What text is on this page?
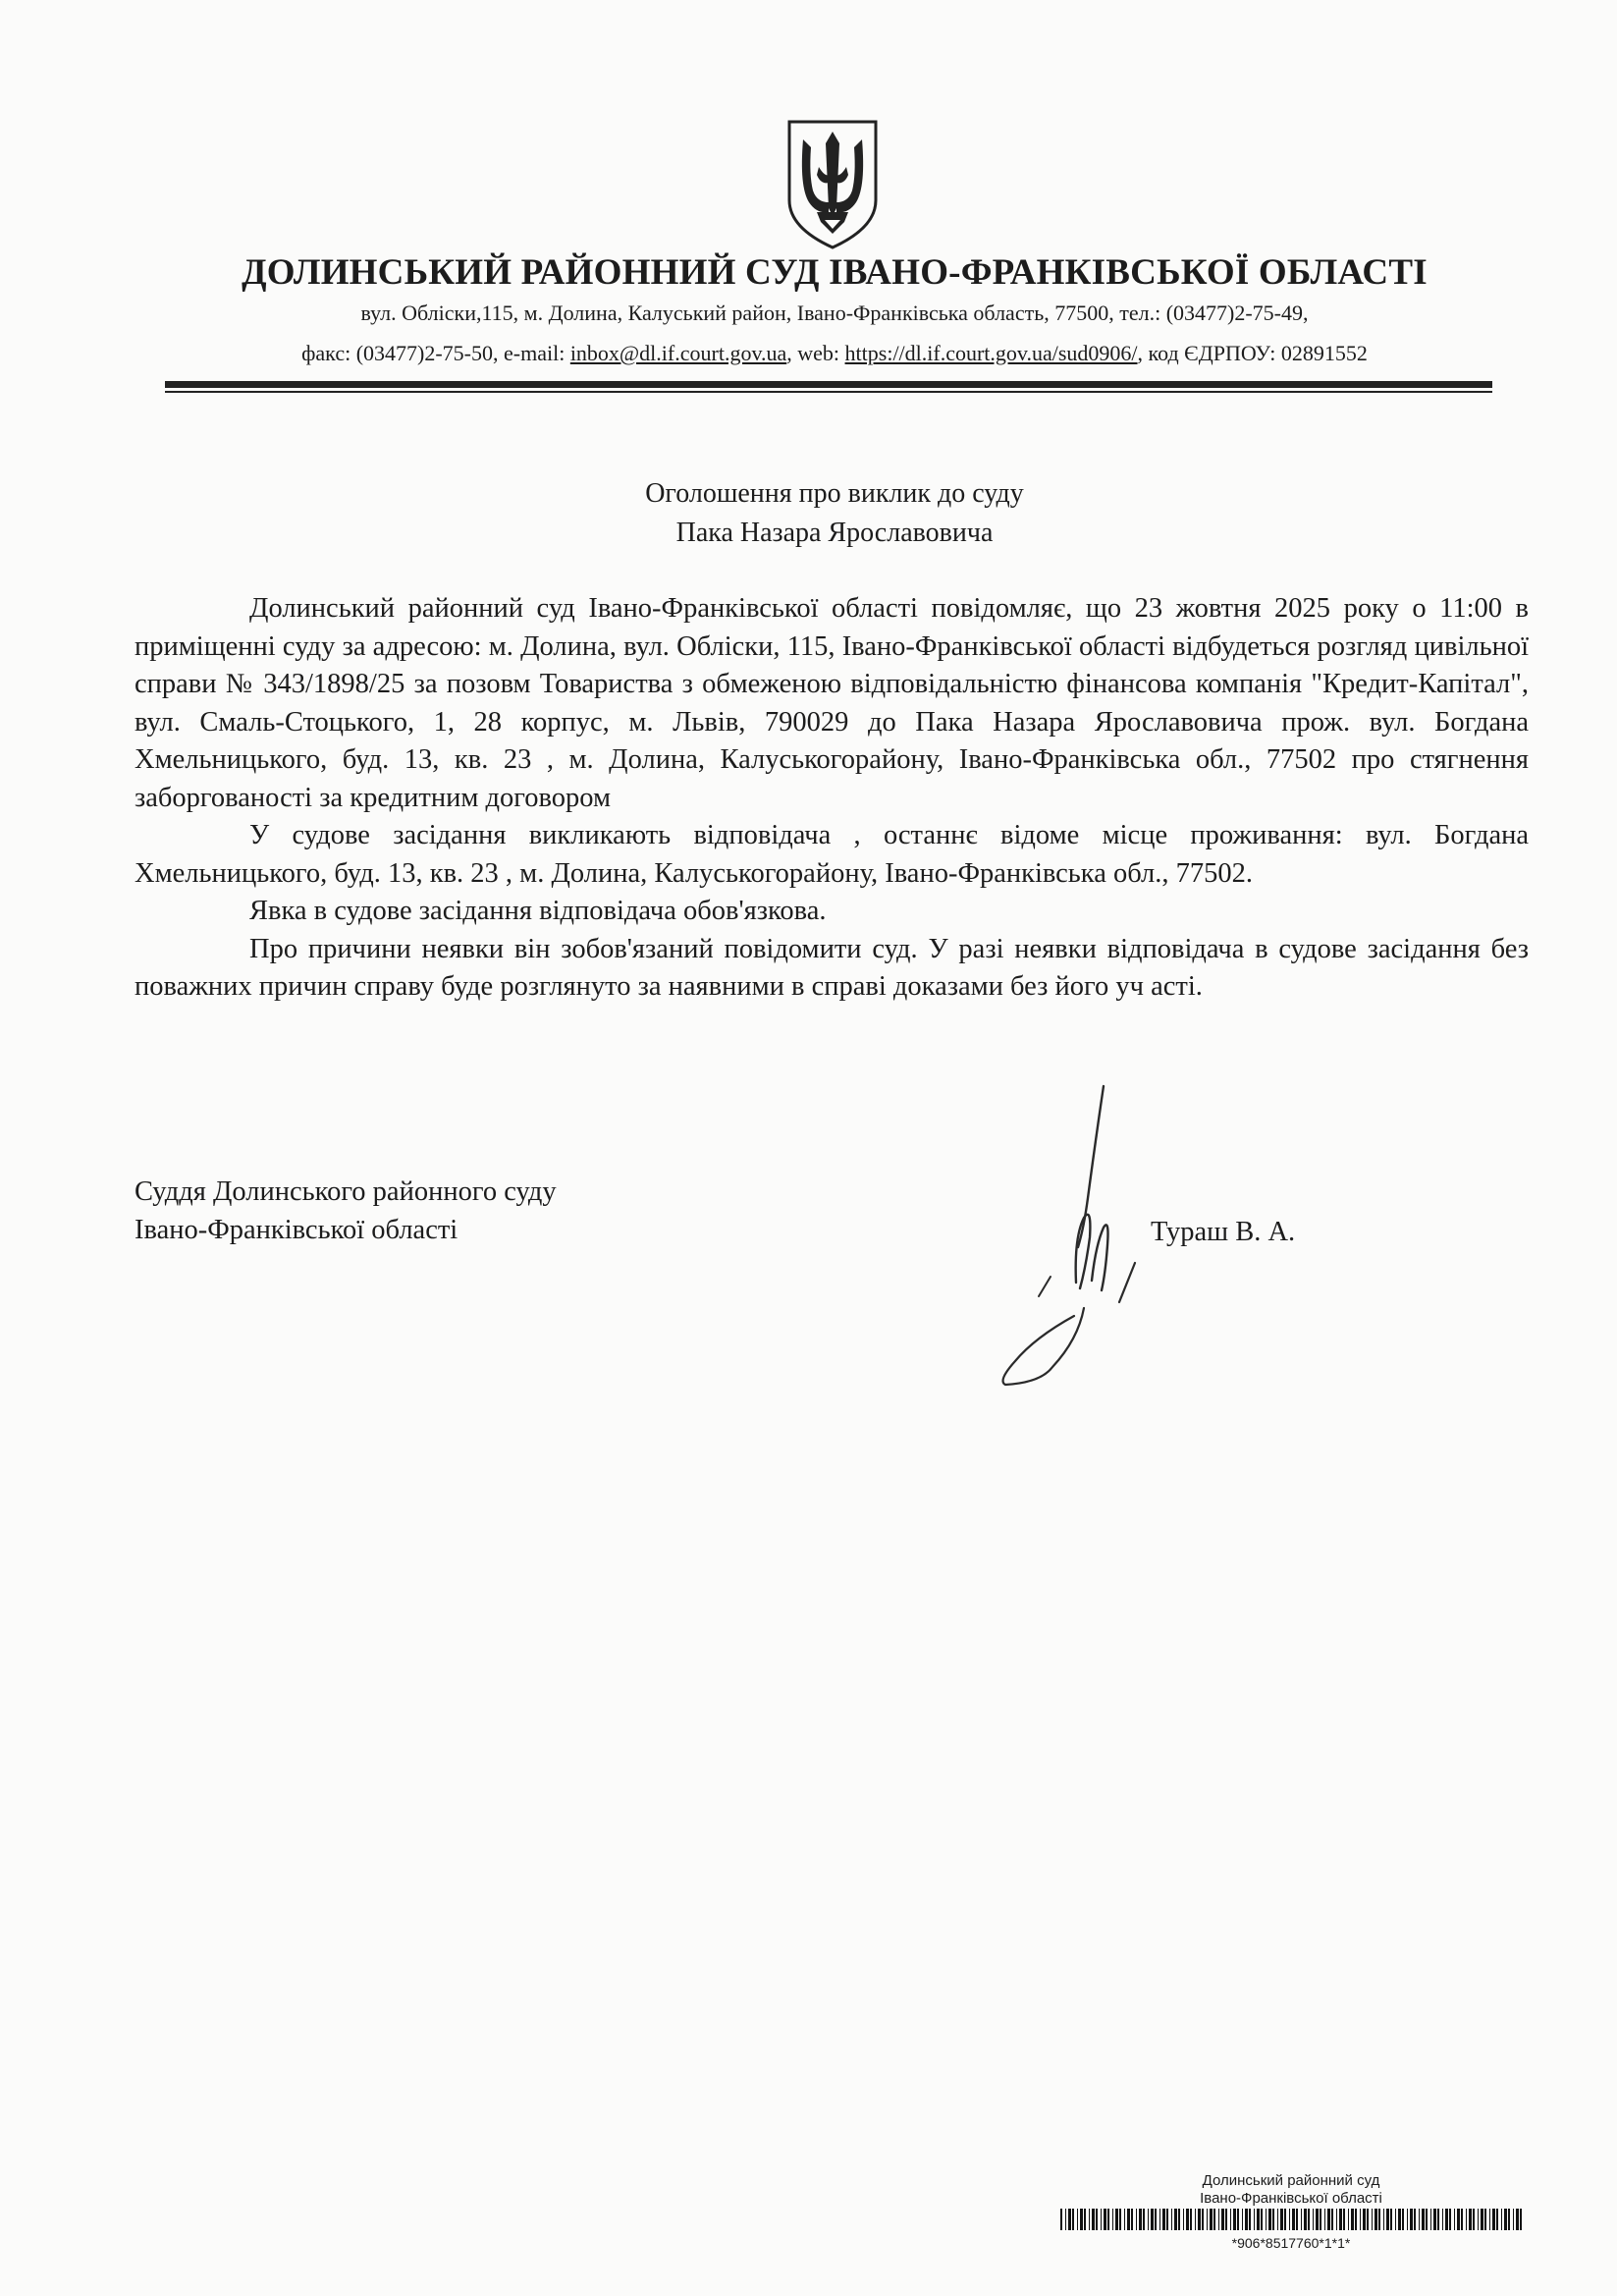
ДОЛИНСЬКИЙ РАЙОННИЙ СУД ІВАНО-ФРАНКІВСЬКОЇ ОБЛАСТІ
вул. Обліски,115, м. Долина, Калуський район, Івано-Франківська область, 77500, тел.: (03477)2-75-49,
факс: (03477)2-75-50, e-mail: inbox@dl.if.court.gov.ua, web: https://dl.if.court.gov.ua/sud0906/, код ЄДРПОУ: 02891552
Оголошення про виклик до суду
Пака Назара Ярославовича

Долинський районний суд Івано-Франківської області повідомляє, що 23 жовтня 2025 року о 11:00 в приміщенні суду за адресою: м. Долина, вул. Обліски, 115, Івано-Франківської області відбудеться розгляд цивільної справи № 343/1898/25 за позовм Товариства з обмеженою відповідальністю фінансова компанія "Кредит-Капітал", вул. Смаль-Стоцького, 1, 28 корпус, м. Львів, 790029 до Пака Назара Ярославовича прож. вул. Богдана Хмельницького, буд. 13, кв. 23 , м. Долина, Калуськогорайону, Івано-Франківська обл., 77502 про стягнення заборгованості за кредитним договором

У судове засідання викликають відповідача , останнє відоме місце проживання: вул. Богдана Хмельницького, буд. 13, кв. 23 , м. Долина, Калуськогорайону, Івано-Франківська обл., 77502.

Явка в судове засідання відповідача обов'язкова.

Про причини неявки він зобов'язаний повідомити суд. У разі неявки відповідача в судове засідання без поважних причин справу буде розглянуто за наявними в справі доказами без його уч асті.

Суддя Долинського районного суду
Івано-Франківської області	Тураш В. А.
Долинський районний суд
Івано-Франківської області
*906*8517760*1*1*
